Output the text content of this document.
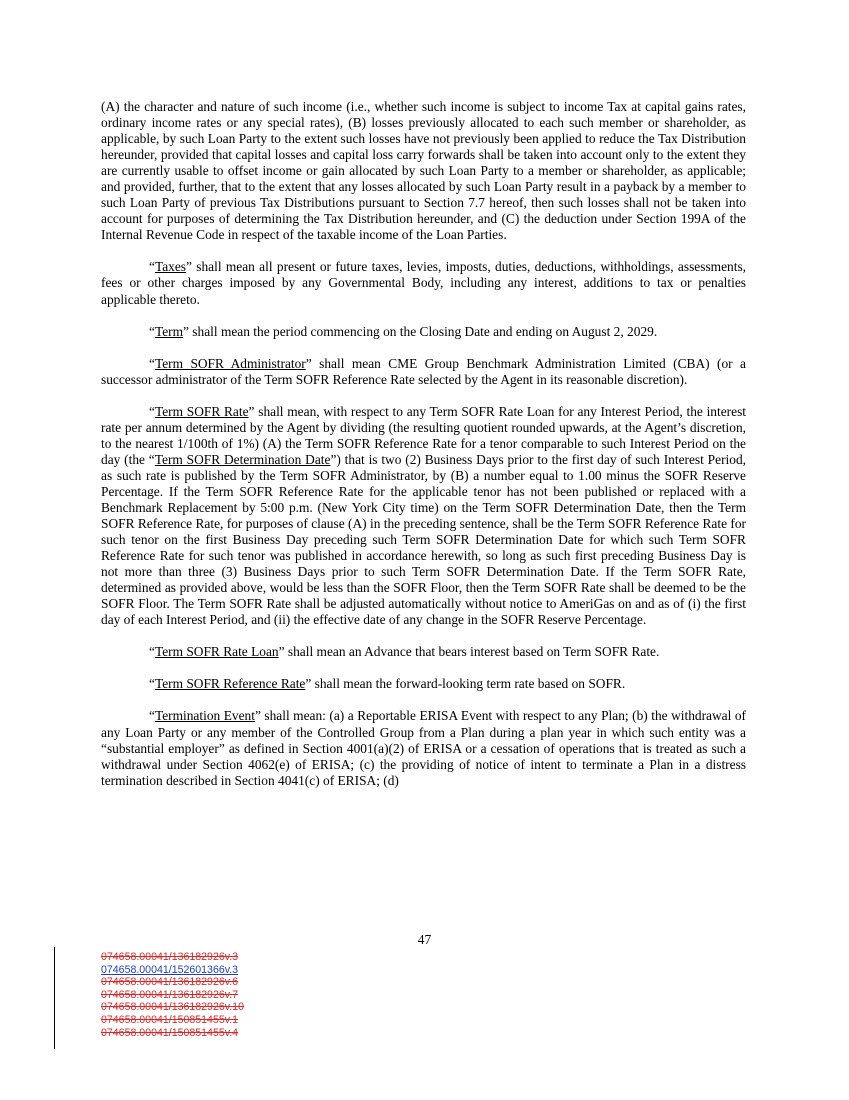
(A) the character and nature of such income (i.e., whether such income is subject to income Tax at capital gains rates, ordinary income rates or any special rates), (B) losses previously allocated to each such member or shareholder, as applicable, by such Loan Party to the extent such losses have not previously been applied to reduce the Tax Distribution hereunder, provided that capital losses and capital loss carry forwards shall be taken into account only to the extent they are currently usable to offset income or gain allocated by such Loan Party to a member or shareholder, as applicable; and provided, further, that to the extent that any losses allocated by such Loan Party result in a payback by a member to such Loan Party of previous Tax Distributions pursuant to Section 7.7 hereof, then such losses shall not be taken into account for purposes of determining the Tax Distribution hereunder, and (C) the deduction under Section 199A of the Internal Revenue Code in respect of the taxable income of the Loan Parties.

“Taxes” shall mean all present or future taxes, levies, imposts, duties, deductions, withholdings, assessments, fees or other charges imposed by any Governmental Body, including any interest, additions to tax or penalties applicable thereto.

“Term” shall mean the period commencing on the Closing Date and ending on August 2, 2029.

“Term SOFR Administrator” shall mean CME Group Benchmark Administration Limited (CBA) (or a successor administrator of the Term SOFR Reference Rate selected by the Agent in its reasonable discretion).

“Term SOFR Rate” shall mean, with respect to any Term SOFR Rate Loan for any Interest Period, the interest rate per annum determined by the Agent by dividing (the resulting quotient rounded upwards, at the Agent’s discretion, to the nearest 1/100th of 1%) (A) the Term SOFR Reference Rate for a tenor comparable to such Interest Period on the day (the “Term SOFR Determination Date”) that is two (2) Business Days prior to the first day of such Interest Period, as such rate is published by the Term SOFR Administrator, by (B) a number equal to 1.00 minus the SOFR Reserve Percentage. If the Term SOFR Reference Rate for the applicable tenor has not been published or replaced with a Benchmark Replacement by 5:00 p.m. (New York City time) on the Term SOFR Determination Date, then the Term SOFR Reference Rate, for purposes of clause (A) in the preceding sentence, shall be the Term SOFR Reference Rate for such tenor on the first Business Day preceding such Term SOFR Determination Date for which such Term SOFR Reference Rate for such tenor was published in accordance herewith, so long as such first preceding Business Day is not more than three (3) Business Days prior to such Term SOFR Determination Date. If the Term SOFR Rate, determined as provided above, would be less than the SOFR Floor, then the Term SOFR Rate shall be deemed to be the SOFR Floor. The Term SOFR Rate shall be adjusted automatically without notice to AmeriGas on and as of (i) the first day of each Interest Period, and (ii) the effective date of any change in the SOFR Reserve Percentage.

“Term SOFR Rate Loan” shall mean an Advance that bears interest based on Term SOFR Rate.

“Term SOFR Reference Rate” shall mean the forward-looking term rate based on SOFR.

“Termination Event” shall mean: (a) a Reportable ERISA Event with respect to any Plan; (b) the withdrawal of any Loan Party or any member of the Controlled Group from a Plan during a plan year in which such entity was a “substantial employer” as defined in Section 4001(a)(2) of ERISA or a cessation of operations that is treated as such a withdrawal under Section 4062(e) of ERISA; (c) the providing of notice of intent to terminate a Plan in a distress termination described in Section 4041(c) of ERISA; (d)

47
074658.00041/136182926v.3
074658.00041/152601366v.3
074658.00041/136182926v.6
074658.00041/136182926v.7
074658.00041/136182926v.10
074658.00041/150851455v.1
074658.00041/150851455v.4
